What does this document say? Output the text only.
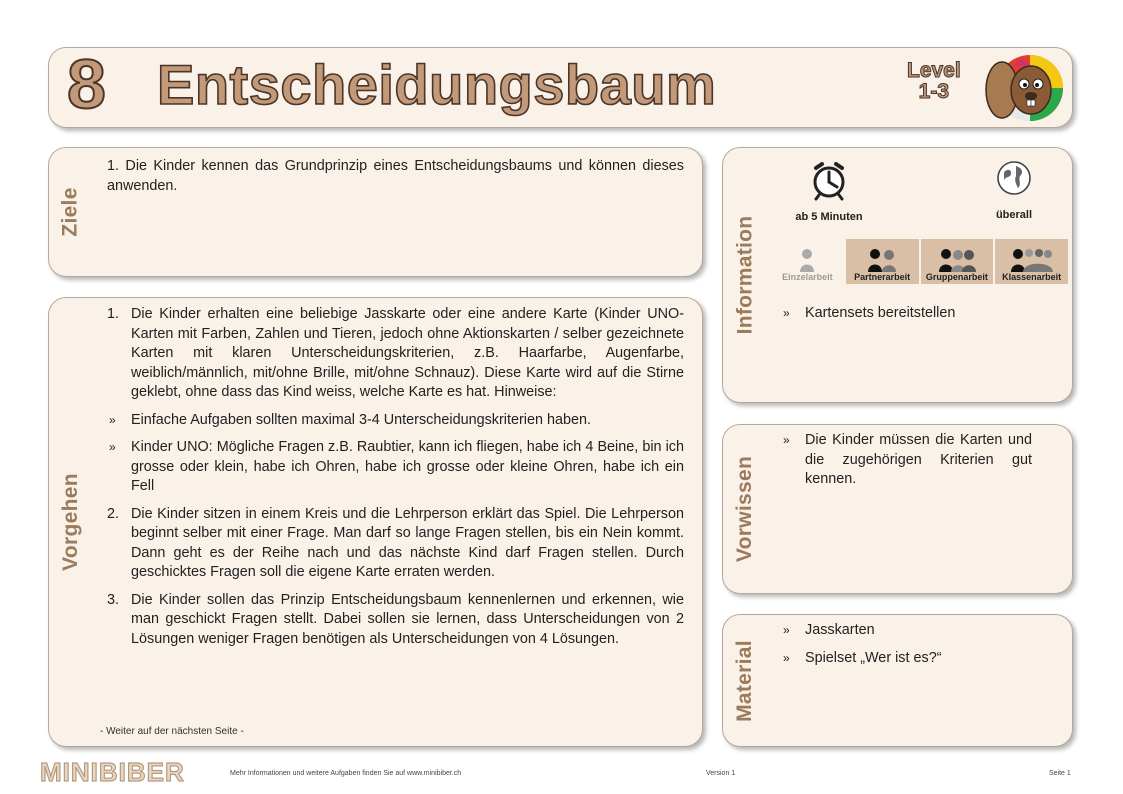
8 Entscheidungsbaum	Level
1-3
Ziele
1. Die Kinder kennen das Grundprinzip eines Entscheidungsbaums und können dieses anwenden.
Vorgehen
1. Die Kinder erhalten eine beliebige Jasskarte oder eine andere Karte (Kinder UNO-Karten mit Farben, Zahlen und Tieren, jedoch ohne Aktionskarten / selber gezeichnete Karten mit klaren Unterscheidungskriterien, z.B. Haarfarbe, Augenfarbe, weiblich/männlich, mit/ohne Brille, mit/ohne Schnauz). Diese Karte wird auf die Stirne geklebt, ohne dass das Kind weiss, welche Karte es hat. Hinweise:
» Einfache Aufgaben sollten maximal 3-4 Unterscheidungskriterien haben.
» Kinder UNO: Mögliche Fragen z.B. Raubtier, kann ich fliegen, habe ich 4 Beine, bin ich grosse oder klein, habe ich Ohren, habe ich grosse oder kleine Ohren, habe ich ein Fell
2. Die Kinder sitzen in einem Kreis und die Lehrperson erklärt das Spiel. Die Lehrperson beginnt selber mit einer Frage. Man darf so lange Fragen stellen, bis ein Nein kommt. Dann geht es der Reihe nach und das nächste Kind darf Fragen stellen. Durch geschicktes Fragen soll die eigene Karte erraten werden.
3. Die Kinder sollen das Prinzip Entscheidungsbaum kennenlernen und erkennen, wie man geschickt Fragen stellt. Dabei sollen sie lernen, dass Unterscheidungen von 2 Lösungen weniger Fragen benötigen als Unterscheidungen von 4 Lösungen.
- Weiter auf der nächsten Seite -
Information	ab 5 Minuten	überall
Einzelarbeit Partnerarbeit Gruppenarbeit Klassenarbeit
» Kartensets bereitstellen
Vorwissen
» Die Kinder müssen die Karten und die zugehörigen Kriterien gut kennen.
Material
» Jasskarten
» Spielset „Wer ist es?“
MINIBIBER	Mehr Informationen und weitere Aufgaben finden Sie auf www.minibiber.ch	Version 1	Seite 1
